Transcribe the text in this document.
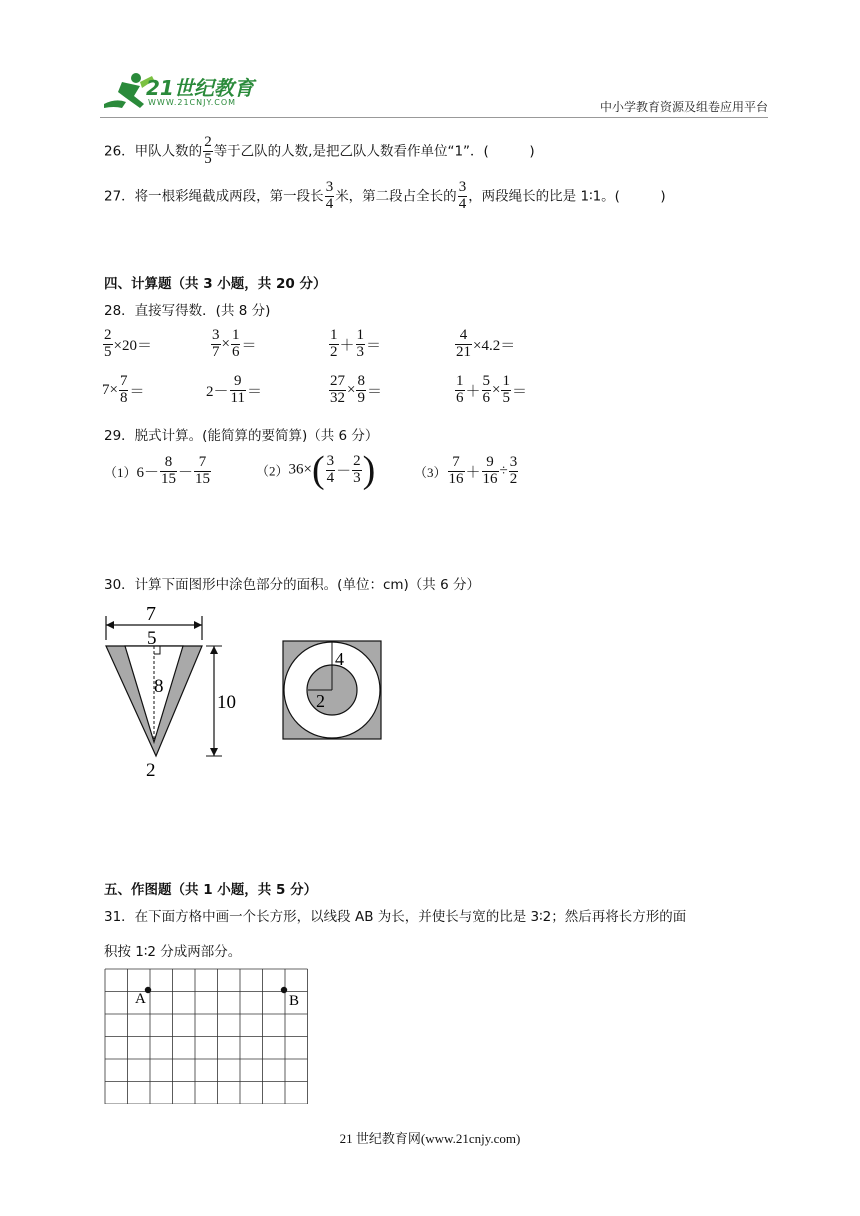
21世纪教育
WWW.21CNJY.COM	中小学教育资源及组卷应用平台
26．甲队人数的 $\frac{2}{5}$ 等于乙队的人数,是把乙队人数看作单位“1”．(　　　)
27．将一根彩绳截成两段，第一段长 $\frac{3}{4}$ 米，第二段占全长的 $\frac{3}{4}$ ，两段绳长的比是 1∶1。(　　　)
四、计算题（共 3 小题，共 20 分）
28．直接写得数．(共 8 分)
$\frac{2}{5} \times 20=$	$\frac{3}{7} \times \frac{1}{6}$ ＝	$\frac{1}{2} + \frac{1}{3}$ ＝	$\frac{4}{21} \times 4.2=$
$7\times \frac{7}{8}$ ＝	$2- \frac{9}{11}$ ＝	$\frac{27}{32} \times \frac{8}{9}$ ＝	$\frac{1}{6} + \frac{5}{6} \times \frac{1}{5}$ ＝
29．脱式计算。(能简算的要简算)（共 6 分）
$(1)6- \frac{8}{15} - \frac{7}{15}$	$(2)36\times( \frac{3}{4} - \frac{2}{3}$ )	$(3) \frac{7}{16} + \frac{9}{16} \div \frac{3}{2}$
30．计算下面图形中涂色部分的面积。(单位：cm)（共 6 分）
7
5
8
10
2
4
2
五、作图题（共 1 小题，共 5 分）
31．在下面方格中画一个长方形，以线段 AB 为长，并使长与宽的比是 3∶2；然后再将长方形的面
积按 1∶2 分成两部分。
A	B
21 世纪教育网(www.21cnjy.com)
